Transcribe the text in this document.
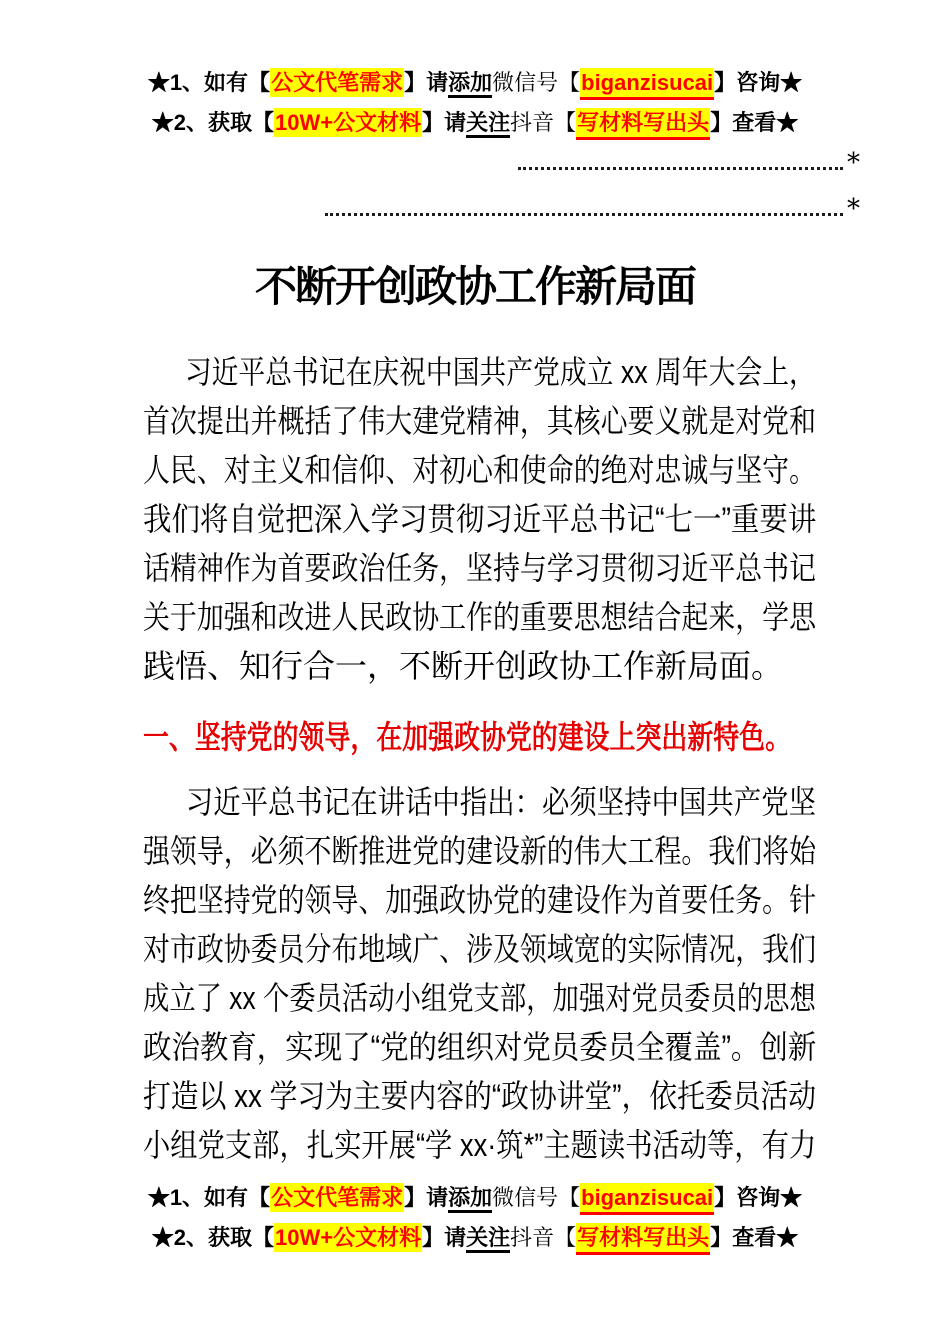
★1、如有【公文代笔需求】请添加微信号【biganzisucai】咨询★
★2、获取【10W+公文材料】请关注抖音【写材料写出头】查看★
*
*
不断开创政协工作新局面
习近平总书记在庆祝中国共产党成立 xx 周年大会上，
首次提出并概括了伟大建党精神，其核心要义就是对党和
人民、对主义和信仰、对初心和使命的绝对忠诚与坚守。
我们将自觉把深入学习贯彻习近平总书记“七一”重要讲
话精神作为首要政治任务，坚持与学习贯彻习近平总书记
关于加强和改进人民政协工作的重要思想结合起来，学思
践悟、知行合一，不断开创政协工作新局面。
一、坚持党的领导，在加强政协党的建设上突出新特色。
习近平总书记在讲话中指出：必须坚持中国共产党坚
强领导，必须不断推进党的建设新的伟大工程。我们将始
终把坚持党的领导、加强政协党的建设作为首要任务。针
对市政协委员分布地域广、涉及领域宽的实际情况，我们
成立了 xx 个委员活动小组党支部，加强对党员委员的思想
政治教育，实现了“党的组织对党员委员全覆盖”。创新
打造以 xx 学习为主要内容的“政协讲堂”，依托委员活动
小组党支部，扎实开展“学 xx·筑*”主题读书活动等，有力
★1、如有【公文代笔需求】请添加微信号【biganzisucai】咨询★
★2、获取【10W+公文材料】请关注抖音【写材料写出头】查看★
